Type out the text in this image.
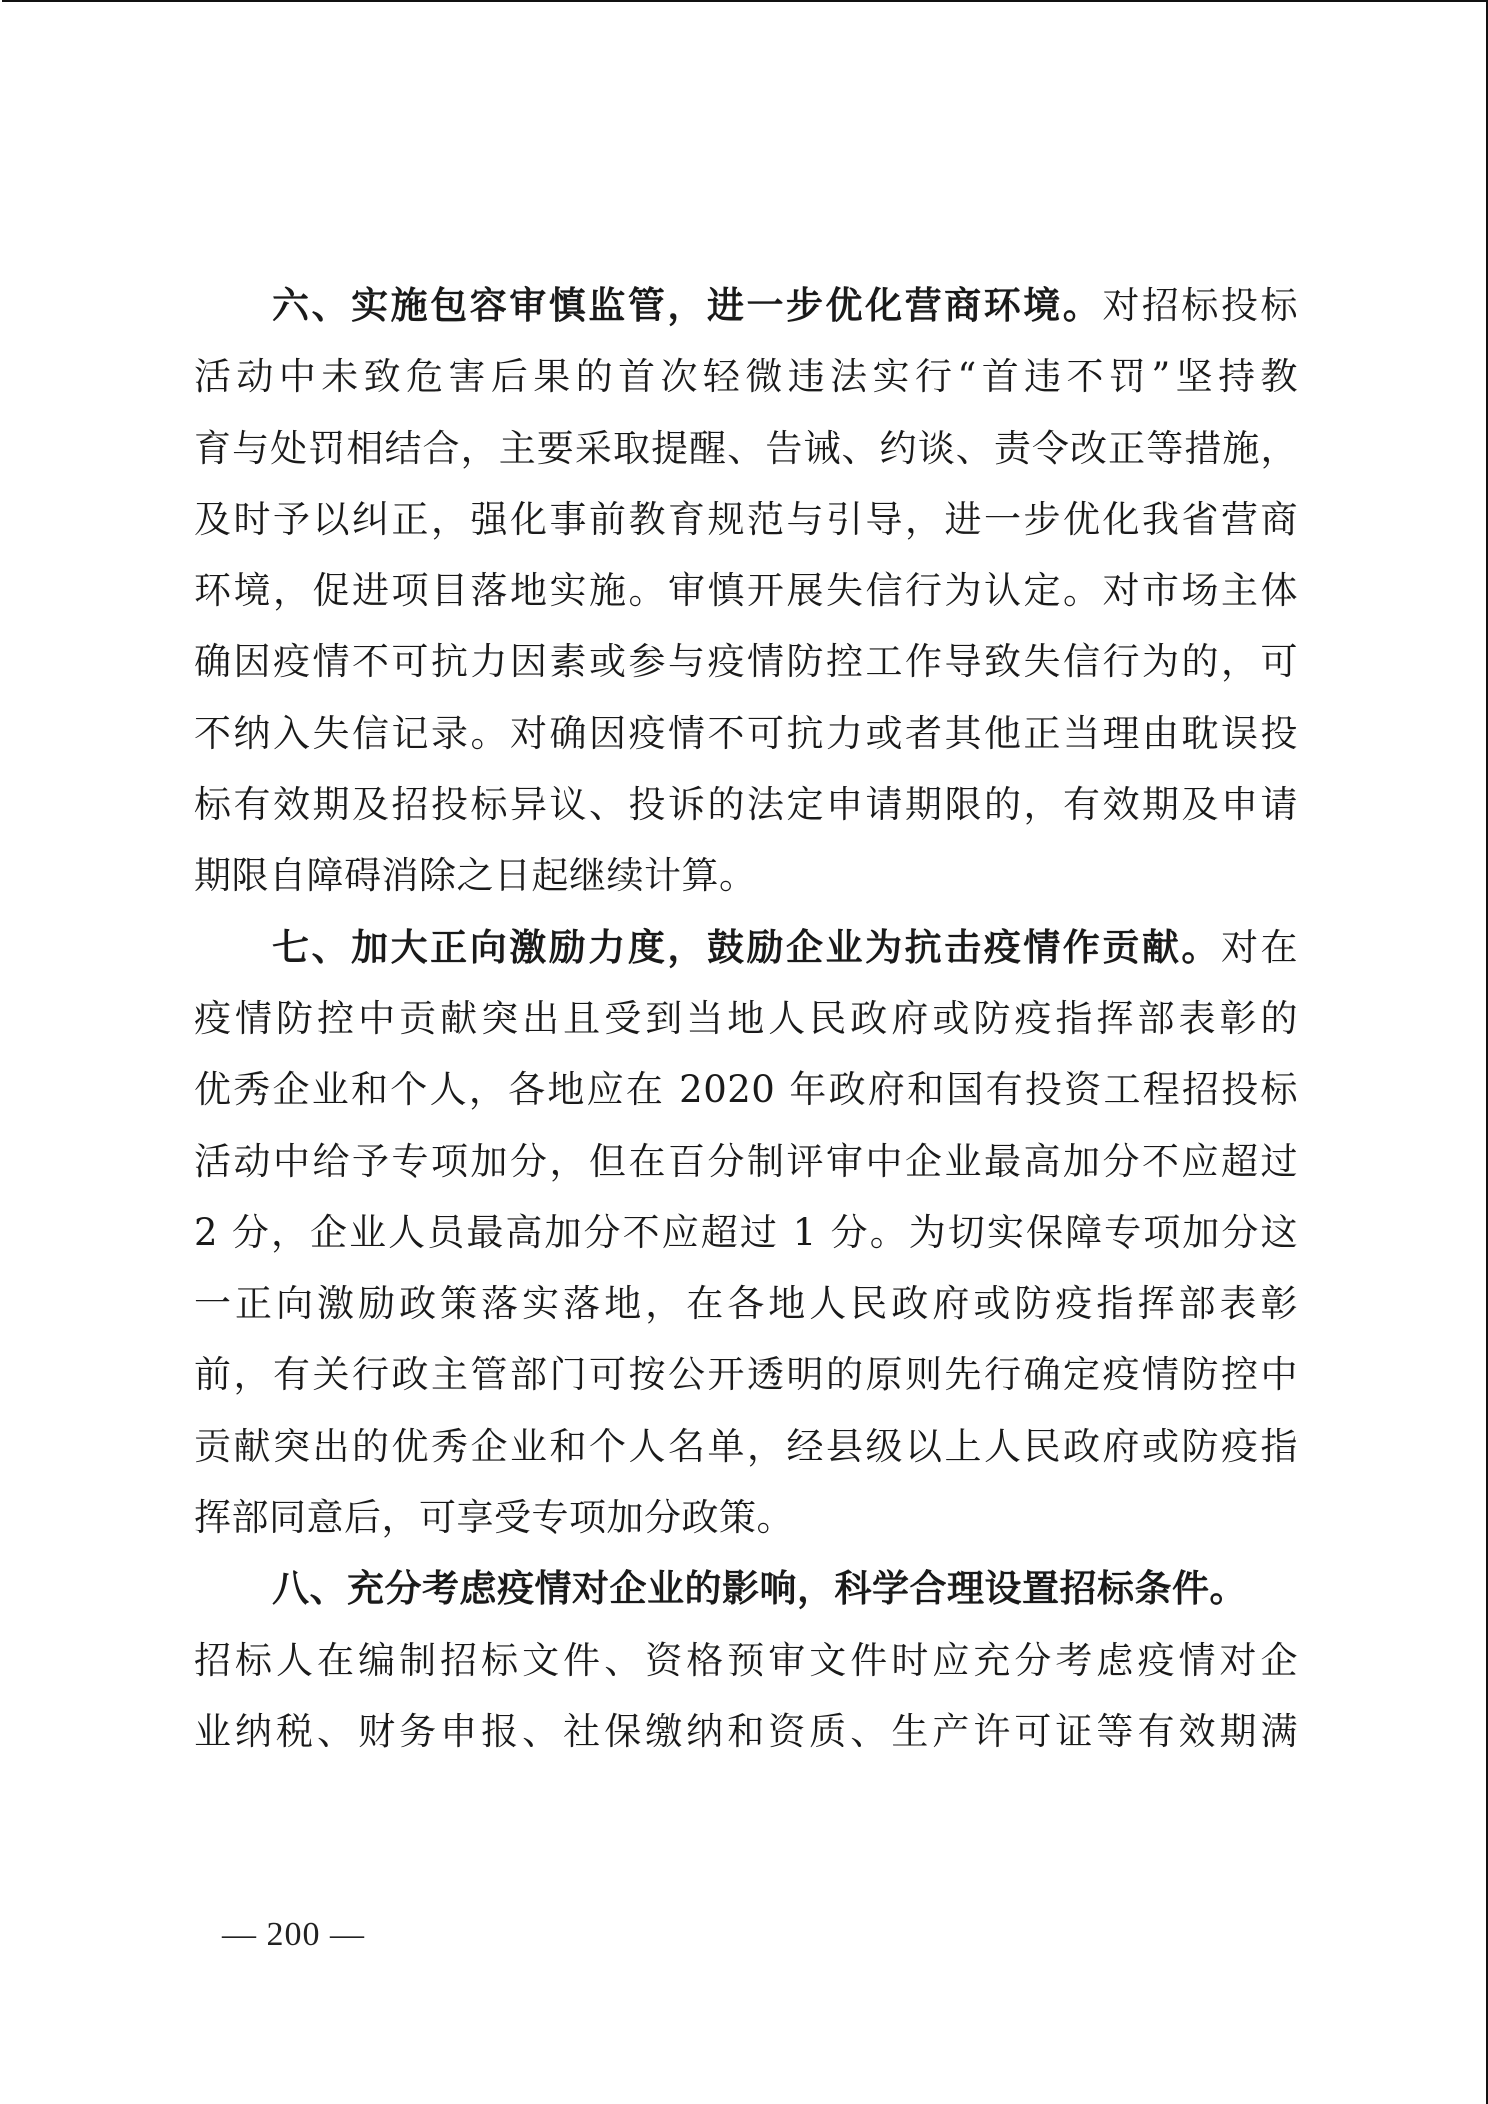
六、实施包容审慎监管，进一步优化营商环境。对招标投标
活动中未致危害后果的首次轻微违法实行“首违不罚”坚持教
育与处罚相结合，主要采取提醒、告诫、约谈、责令改正等措施，
及时予以纠正，强化事前教育规范与引导，进一步优化我省营商
环境，促进项目落地实施。审慎开展失信行为认定。对市场主体
确因疫情不可抗力因素或参与疫情防控工作导致失信行为的，可
不纳入失信记录。对确因疫情不可抗力或者其他正当理由耽误投
标有效期及招投标异议、投诉的法定申请期限的，有效期及申请
期限自障碍消除之日起继续计算。
七、加大正向激励力度，鼓励企业为抗击疫情作贡献。对在
疫情防控中贡献突出且受到当地人民政府或防疫指挥部表彰的
优秀企业和个人，各地应在 2020 年政府和国有投资工程招投标
活动中给予专项加分，但在百分制评审中企业最高加分不应超过
2 分，企业人员最高加分不应超过 1 分。为切实保障专项加分这
一正向激励政策落实落地，在各地人民政府或防疫指挥部表彰
前，有关行政主管部门可按公开透明的原则先行确定疫情防控中
贡献突出的优秀企业和个人名单，经县级以上人民政府或防疫指
挥部同意后，可享受专项加分政策。
八、充分考虑疫情对企业的影响，科学合理设置招标条件。
招标人在编制招标文件、资格预审文件时应充分考虑疫情对企
业纳税、财务申报、社保缴纳和资质、生产许可证等有效期满
— 200 —
